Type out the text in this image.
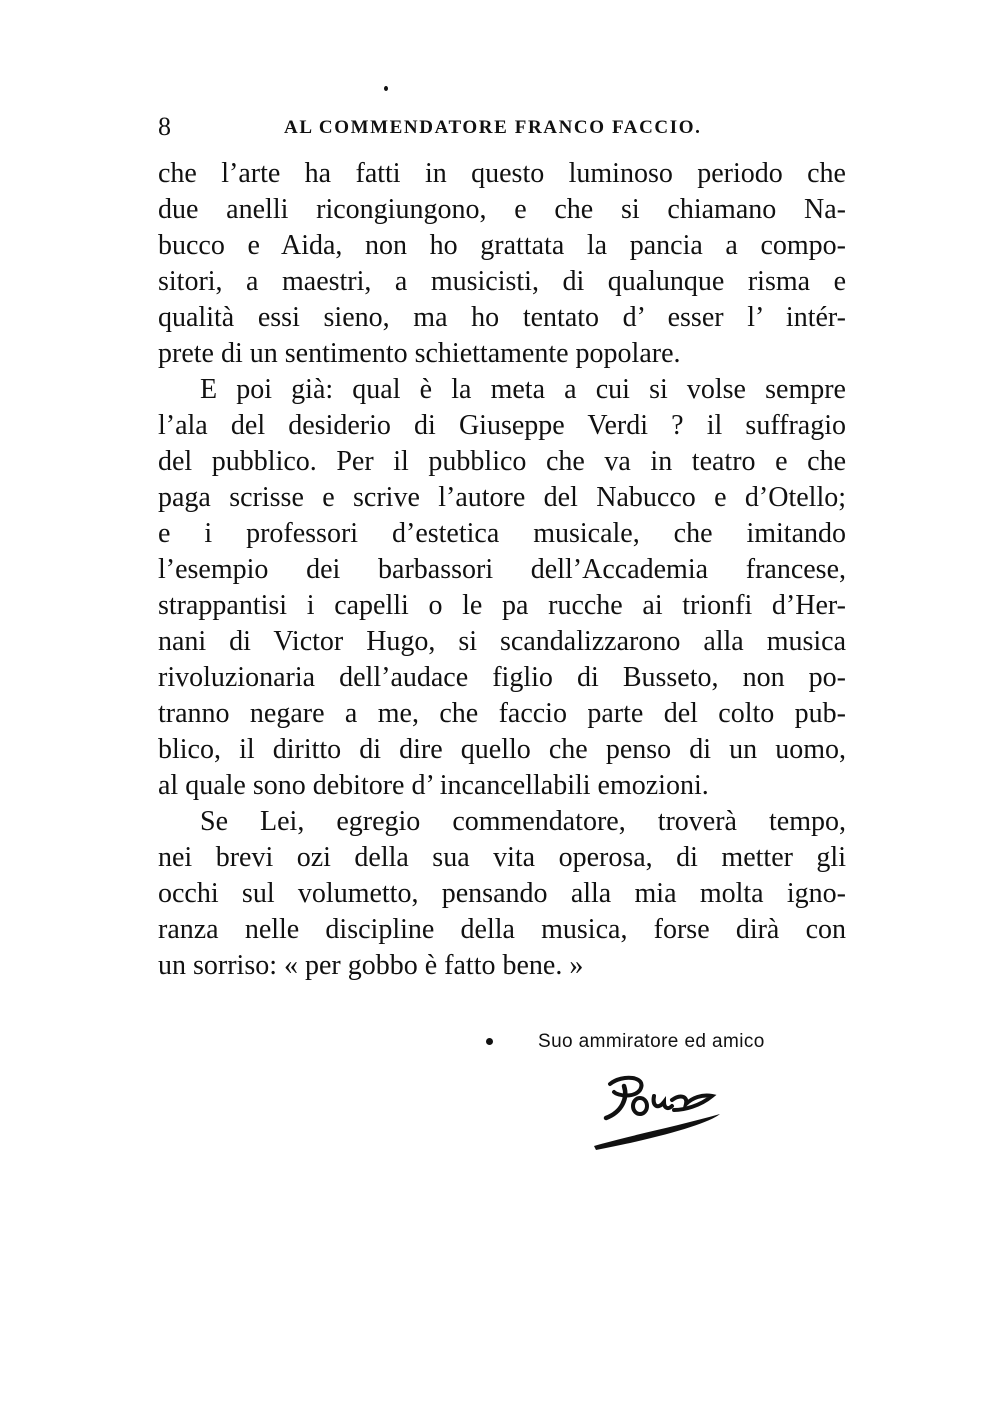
8	AL COMMENDATORE FRANCO FACCIO.

che l’arte ha fatti in questo luminoso periodo che
due anelli ricongiungono, e che si chiamano Na-
bucco e Aida, non ho grattata la pancia a compo-
sitori, a maestri, a musicisti, di qualunque risma e
qualità essi sieno, ma ho tentato d’ esser l’ intér-
prete di un sentimento schiettamente popolare.

E poi già: qual è la meta a cui si volse sempre
l’ala del desiderio di Giuseppe Verdi ? il suffragio
del pubblico. Per il pubblico che va in teatro e che
paga scrisse e scrive l’autore del Nabucco e d’Otello;
e i professori d’estetica musicale, che imitando
l’esempio dei barbassori dell’Accademia francese,
strappantisi i capelli o le pa rucche ai trionfi d’Her-
nani di Victor Hugo, si scandalizzarono alla musica
rivoluzionaria dell’audace figlio di Busseto, non po-
tranno negare a me, che faccio parte del colto pub-
blico, il diritto di dire quello che penso di un uomo,
al quale sono debitore d’ incancellabili emozioni.

Se Lei, egregio commendatore, troverà tempo,
nei brevi ozi della sua vita operosa, di metter gli
occhi sul volumetto, pensando alla mia molta igno-
ranza nelle discipline della musica, forse dirà con
un sorriso: « per gobbo è fatto bene. »

Suo ammiratore ed amico
